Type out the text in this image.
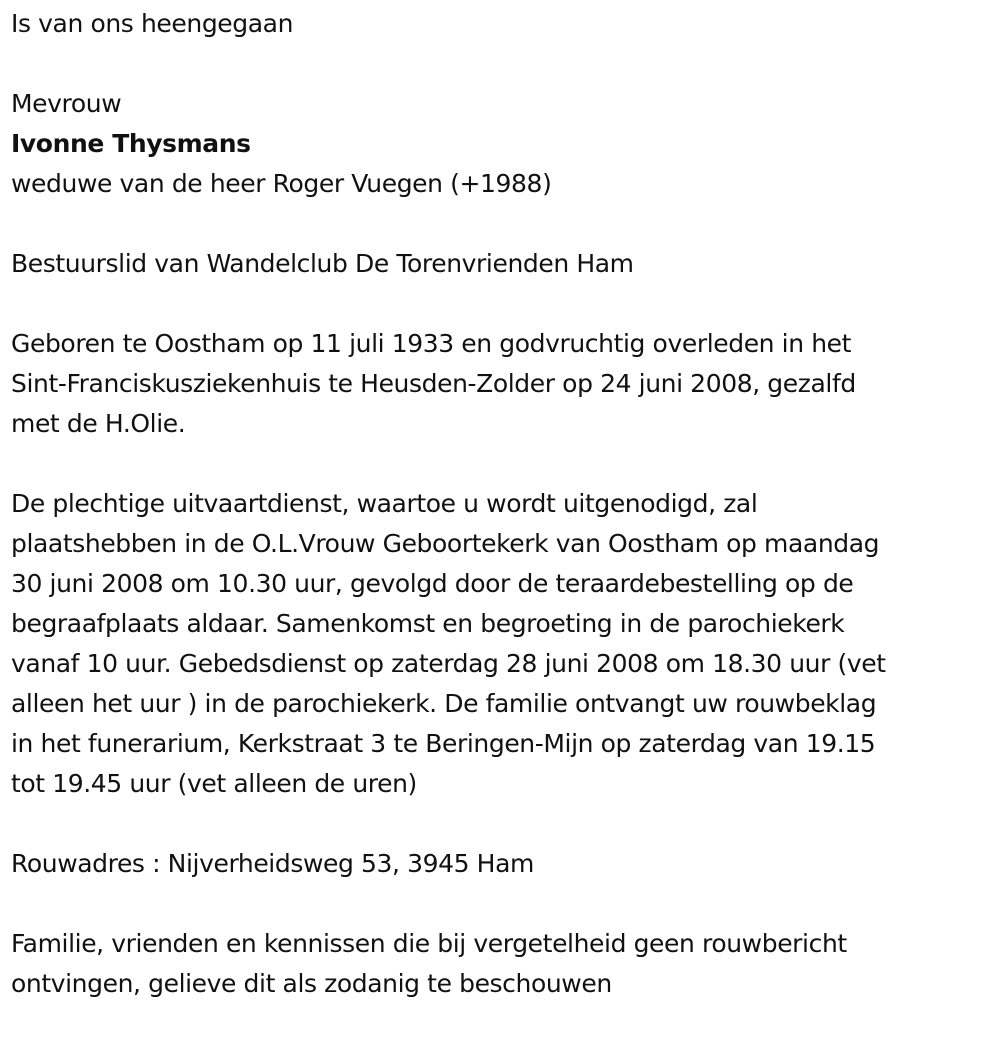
Is van ons heengegaan
Mevrouw
Ivonne Thysmans
weduwe van de heer Roger Vuegen (+1988)
Bestuurslid van Wandelclub De Torenvrienden Ham
Geboren te Oostham op 11 juli 1933 en godvruchtig overleden in het
Sint-Franciskusziekenhuis te Heusden-Zolder op 24 juni 2008, gezalfd
met de H.Olie.
De plechtige uitvaartdienst, waartoe u wordt uitgenodigd, zal
plaatshebben in de O.L.Vrouw Geboortekerk van Oostham op maandag
30 juni 2008 om 10.30 uur, gevolgd door de teraardebestelling op de
begraafplaats aldaar. Samenkomst en begroeting in de parochiekerk
vanaf 10 uur. Gebedsdienst op zaterdag 28 juni 2008 om 18.30 uur (vet
alleen het uur ) in de parochiekerk. De familie ontvangt uw rouwbeklag
in het funerarium, Kerkstraat 3 te Beringen-Mijn op zaterdag van 19.15
tot 19.45 uur (vet alleen de uren)
Rouwadres : Nijverheidsweg 53, 3945 Ham
Familie, vrienden en kennissen die bij vergetelheid geen rouwbericht
ontvingen, gelieve dit als zodanig te beschouwen
